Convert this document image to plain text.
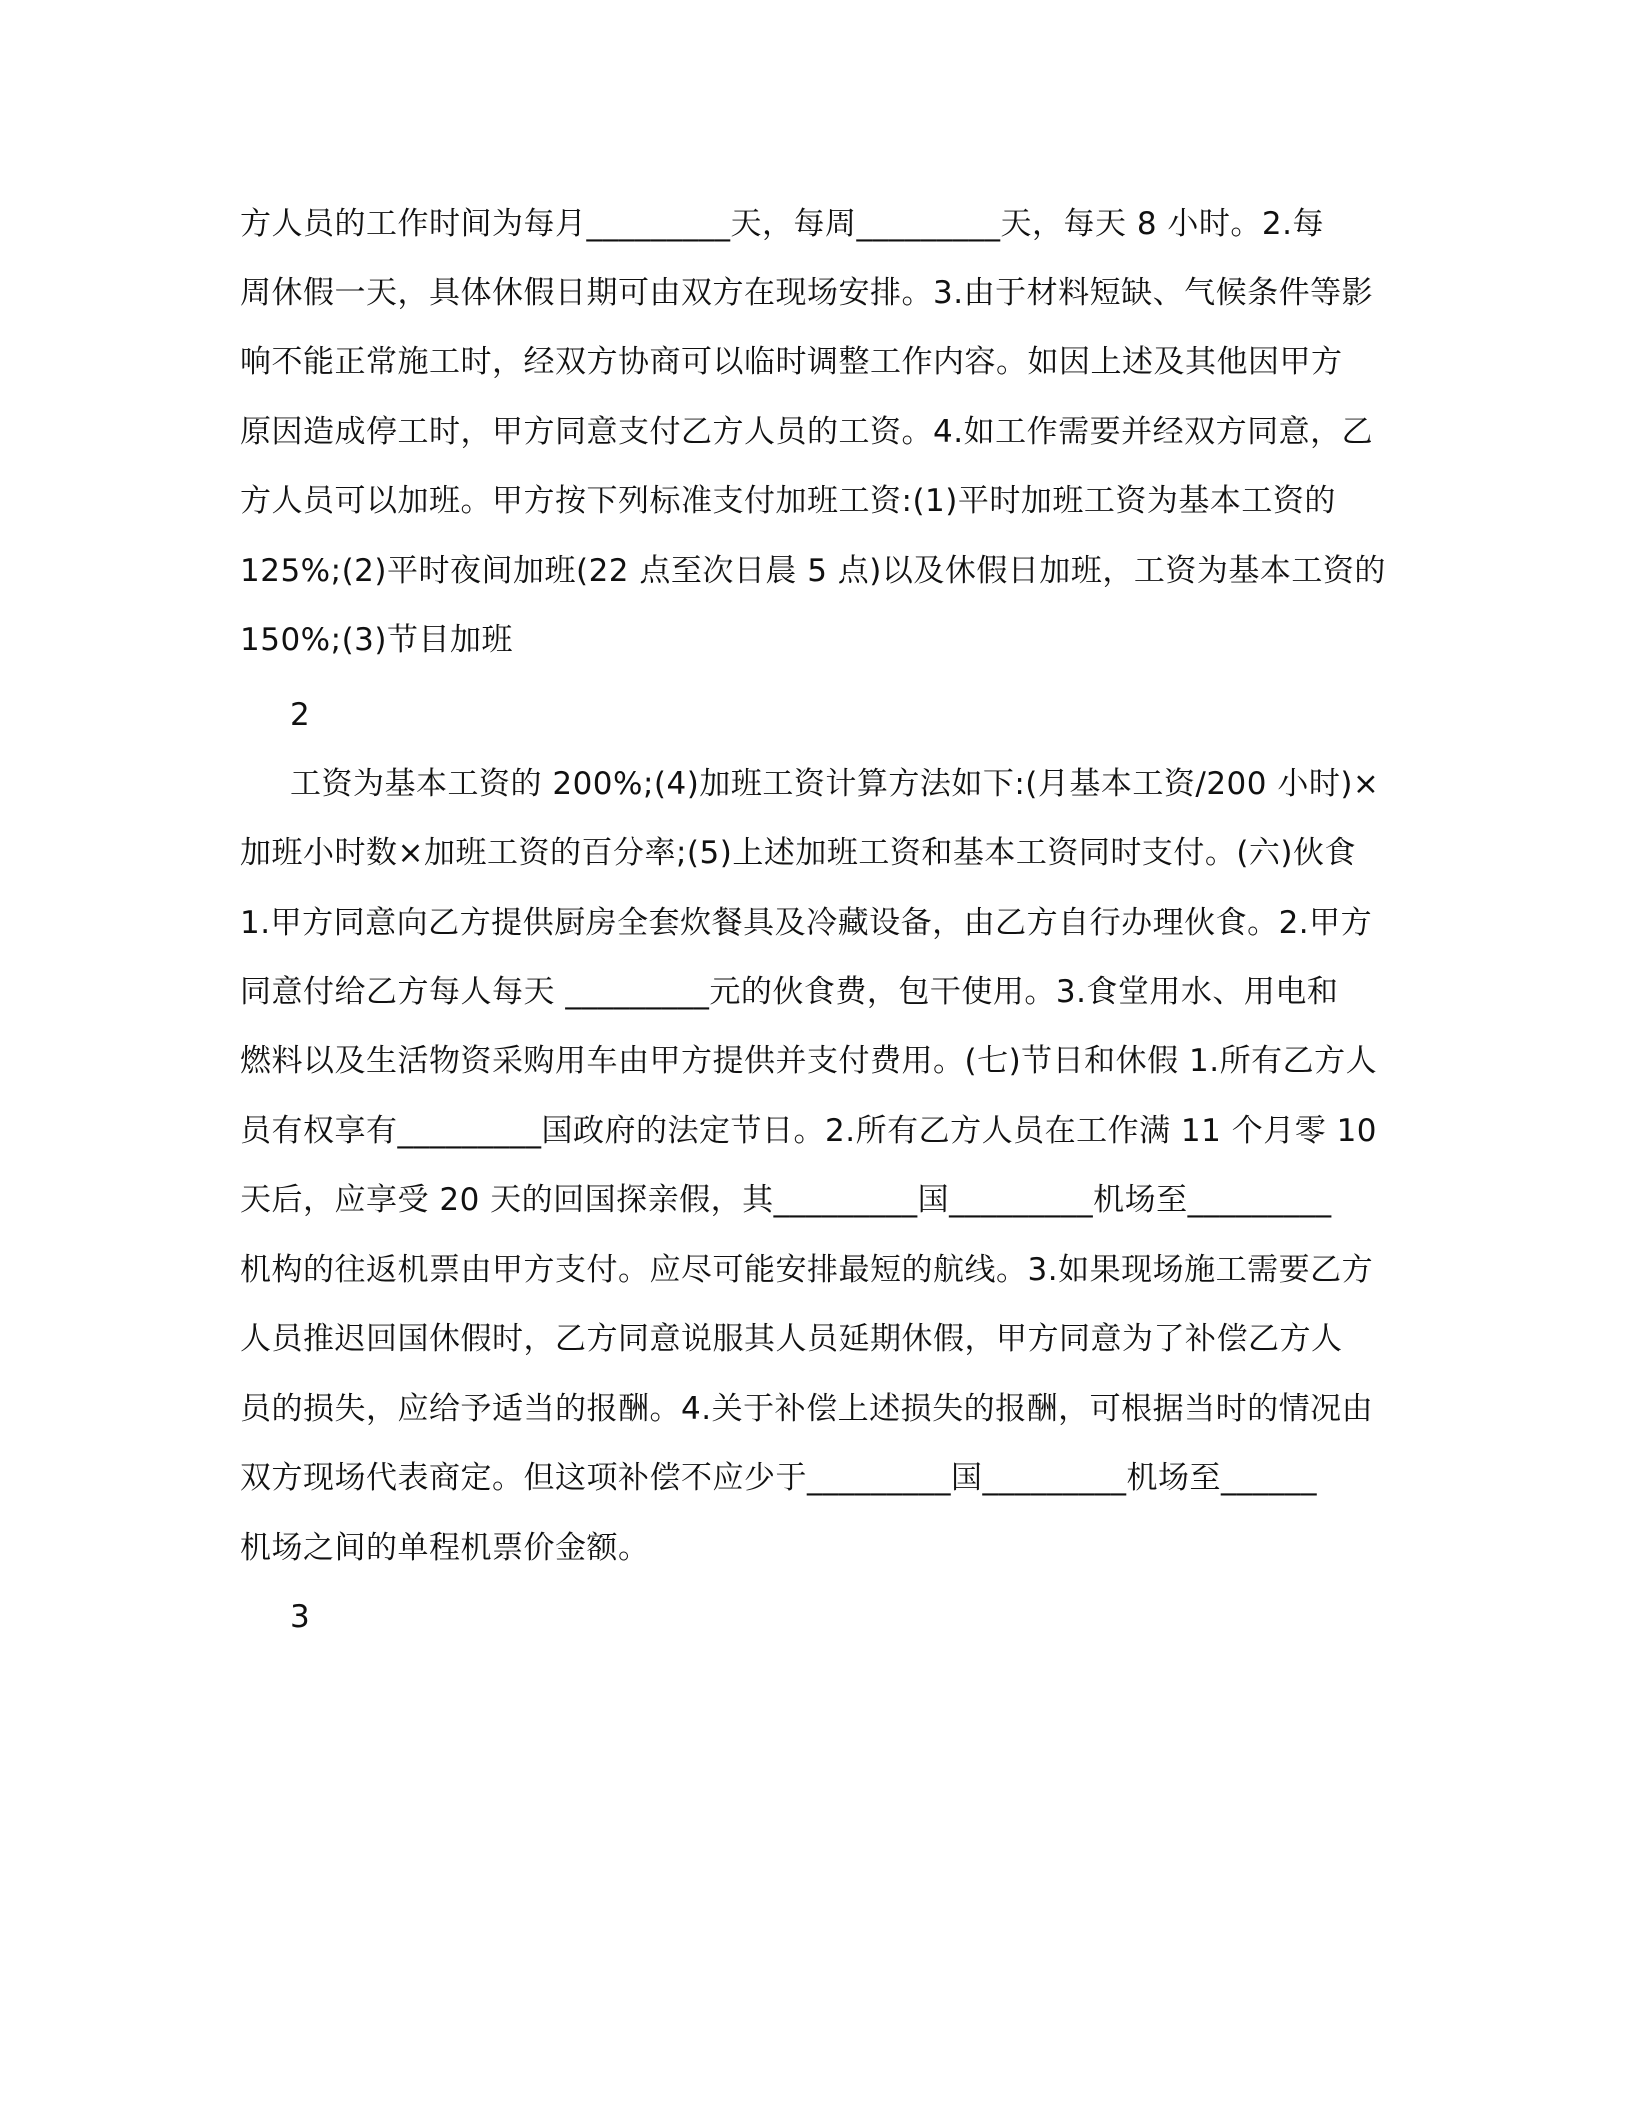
方人员的工作时间为每月_________天，每周_________天，每天 8 小时。2.每
周休假一天，具体休假日期可由双方在现场安排。3.由于材料短缺、气候条件等影
响不能正常施工时，经双方协商可以临时调整工作内容。如因上述及其他因甲方
原因造成停工时，甲方同意支付乙方人员的工资。4.如工作需要并经双方同意，乙
方人员可以加班。甲方按下列标准支付加班工资:(1)平时加班工资为基本工资的
125%;(2)平时夜间加班(22 点至次日晨 5 点)以及休假日加班，工资为基本工资的
150%;(3)节目加班
2
工资为基本工资的 200%;(4)加班工资计算方法如下:(月基本工资/200 小时)×
加班小时数×加班工资的百分率;(5)上述加班工资和基本工资同时支付。(六)伙食
1.甲方同意向乙方提供厨房全套炊餐具及冷藏设备，由乙方自行办理伙食。2.甲方
同意付给乙方每人每天 _________元的伙食费，包干使用。3.食堂用水、用电和
燃料以及生活物资采购用车由甲方提供并支付费用。(七)节日和休假 1.所有乙方人
员有权享有_________国政府的法定节日。2.所有乙方人员在工作满 11 个月零 10
天后，应享受 20 天的回国探亲假，其_________国_________机场至_________
机构的往返机票由甲方支付。应尽可能安排最短的航线。3.如果现场施工需要乙方
人员推迟回国休假时，乙方同意说服其人员延期休假，甲方同意为了补偿乙方人
员的损失，应给予适当的报酬。4.关于补偿上述损失的报酬，可根据当时的情况由
双方现场代表商定。但这项补偿不应少于_________国_________机场至______
机场之间的单程机票价金额。
3
